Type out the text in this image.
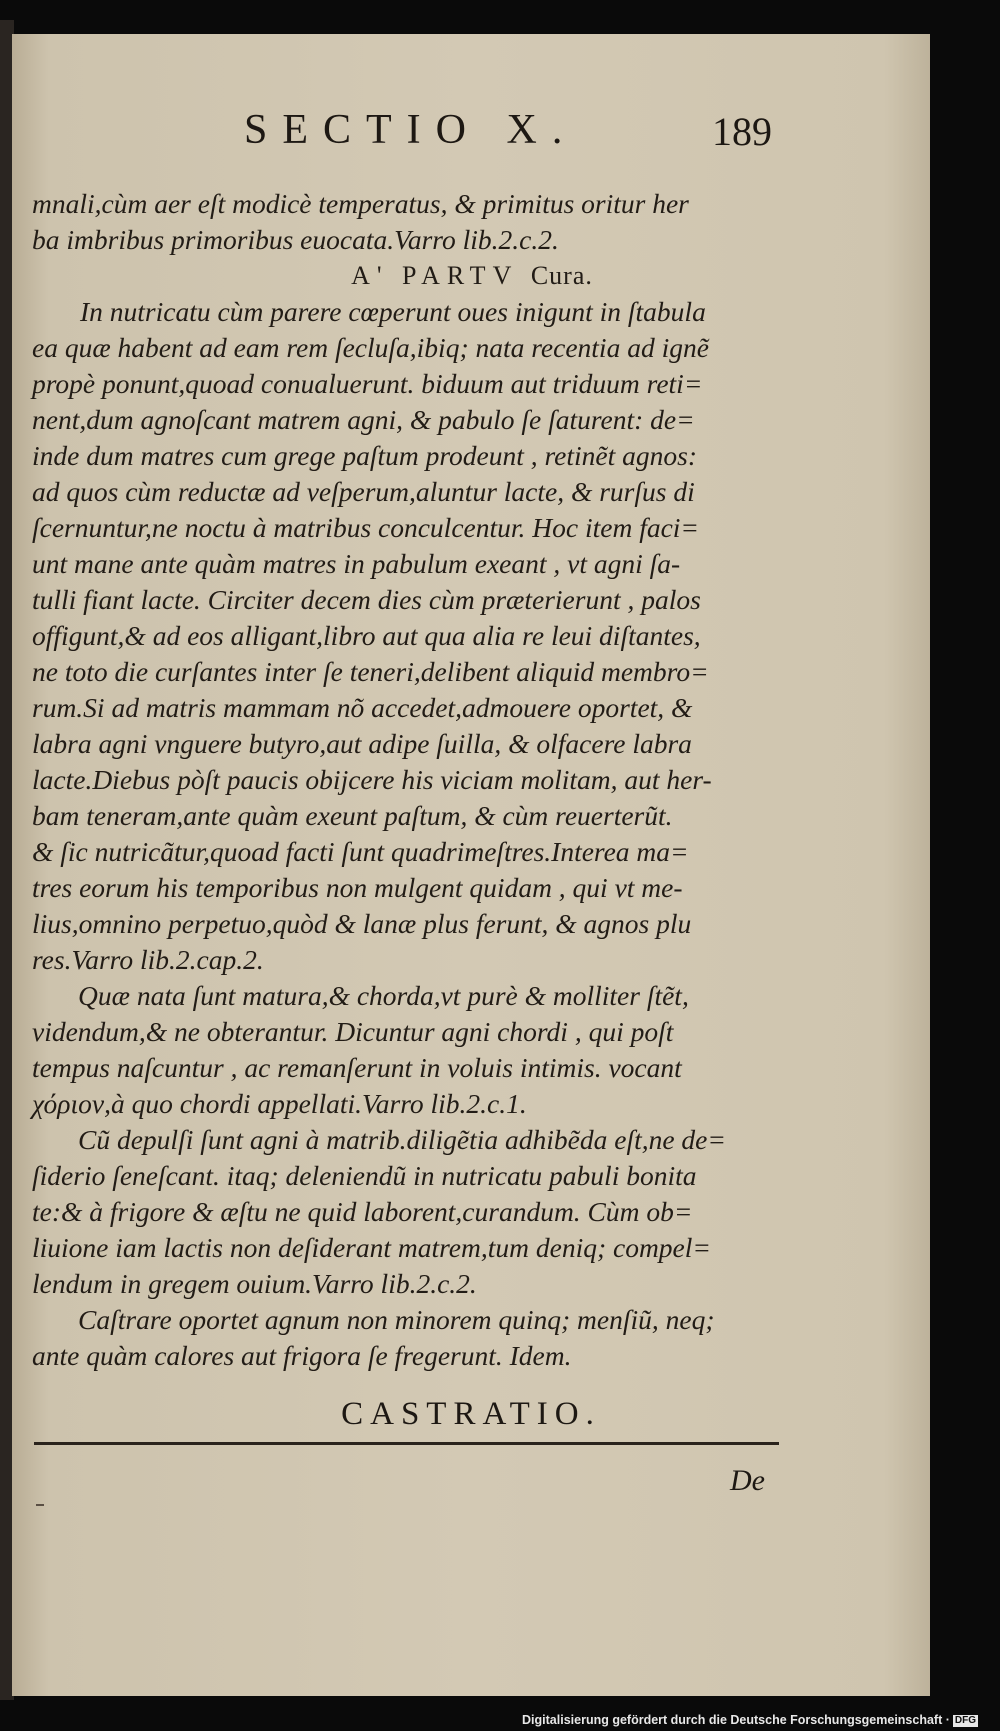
SECTIO X.	189
mnali,cùm aer eſt modicè temperatus, & primitus oritur her
ba imbribus primoribus euocata.Varro lib.2.c.2.
A' PARTV Cura.
In nutricatu cùm parere cœperunt oues inigunt in ſtabula
ea quæ habent ad eam rem ſecluſa,ibiq; nata recentia ad ignẽ
propè ponunt,quoad conualuerunt. biduum aut triduum reti=
nent,dum agnoſcant matrem agni, & pabulo ſe ſaturent: de=
inde dum matres cum grege paſtum prodeunt , retinẽt agnos:
ad quos cùm reductæ ad veſperum,aluntur lacte, & rurſus di
ſcernuntur,ne noctu à matribus conculcentur. Hoc item faci=
unt mane ante quàm matres in pabulum exeant , vt agni ſa-
tulli fiant lacte. Circiter decem dies cùm prӕterierunt , palos
offigunt,& ad eos alligant,libro aut qua alia re leui diſtantes,
ne toto die curſantes inter ſe teneri,delibent aliquid membro=
rum.Si ad matris mammam nõ accedet,admouere oportet, &
labra agni vnguere butyro,aut adipe ſuilla, & olfacere labra
lacte.Diebus pòſt paucis obijcere his viciam molitam, aut her-
bam teneram,ante quàm exeunt paſtum, & cùm reuerterũt.
& ſic nutricãtur,quoad facti ſunt quadrimeſtres.Interea ma=
tres eorum his temporibus non mulgent quidam , qui vt me-
lius,omnino perpetuo,quòd & lanæ plus ferunt, & agnos plu
res.Varro lib.2.cap.2.
Quæ nata ſunt matura,& chorda,vt purè & molliter ſtẽt,
videndum,& ne obterantur. Dicuntur agni chordi , qui poſt
tempus naſcuntur , ac remanſerunt in voluis intimis. vocant
χόριον,à quo chordi appellati.Varro lib.2.c.1.
Cũ depulſi ſunt agni à matrib.diligẽtia adhibẽda eſt,ne de=
ſiderio ſeneſcant. itaq; deleniendũ in nutricatu pabuli bonita
te:& à frigore & æſtu ne quid laborent,curandum. Cùm ob=
liuione iam lactis non deſiderant matrem,tum deniq; compel=
lendum in gregem ouium.Varro lib.2.c.2.
Caſtrare oportet agnum non minorem quinq; menſiũ, neq;
ante quàm calores aut frigora ſe fregerunt. Idem.
CASTRATIO.
De
Digitalisierung gefördert durch die Deutsche Forschungsgemeinschaft · DFG
